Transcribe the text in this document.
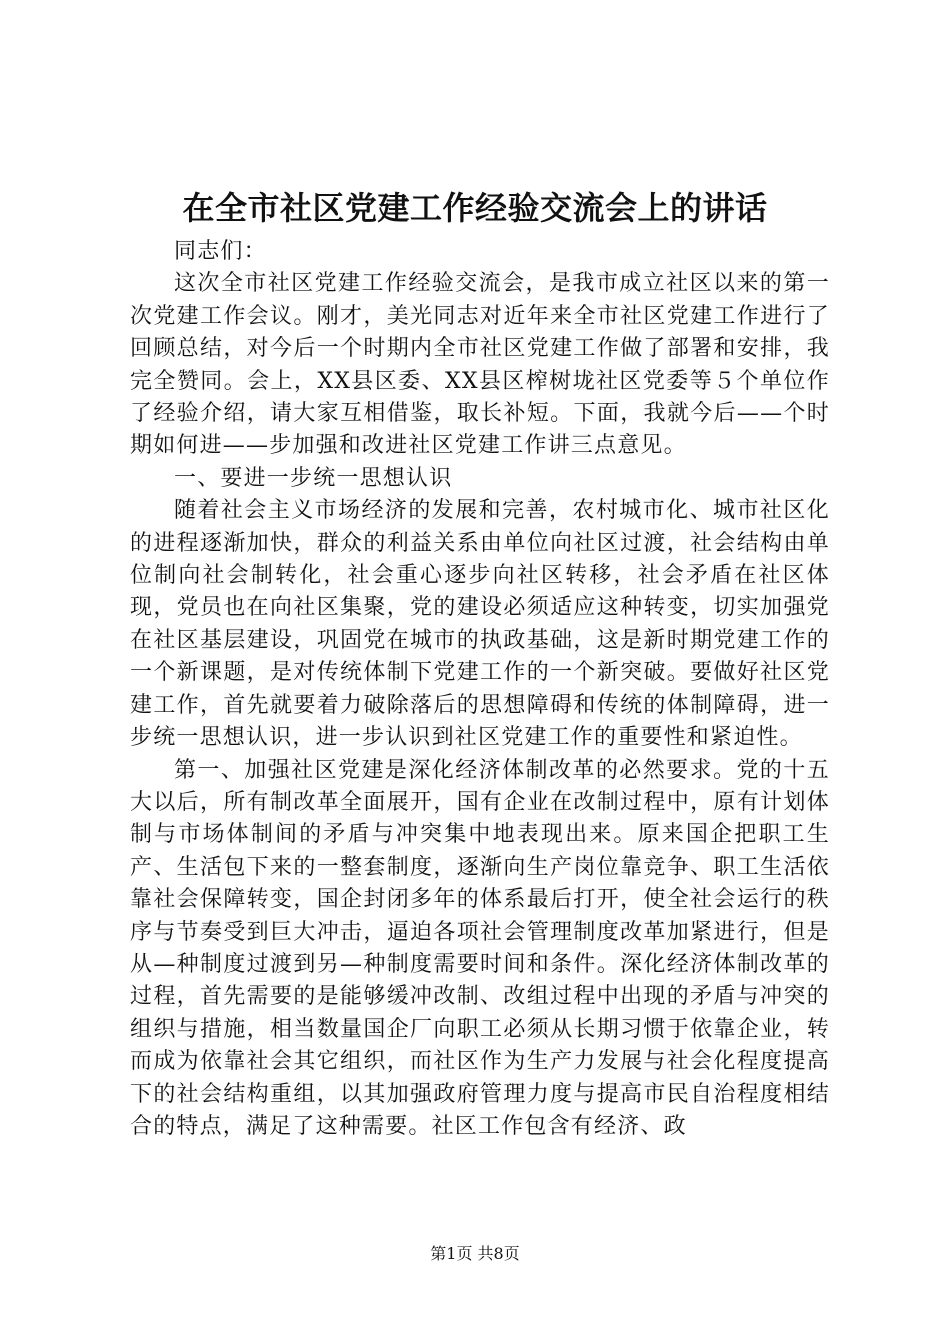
在全市社区党建工作经验交流会上的讲话

同志们：

这次全市社区党建工作经验交流会，是我市成立社区以来的第一次党建工作会议。刚才，美光同志对近年来全市社区党建工作进行了回顾总结，对今后一个时期内全市社区党建工作做了部署和安排，我完全赞同。会上，XX县区委、XX县区榨树垅社区党委等５个单位作了经验介绍，请大家互相借鉴，取长补短。下面，我就今后——个时期如何进——步加强和改进社区党建工作讲三点意见。

一、要进一步统一思想认识

随着社会主义市场经济的发展和完善，农村城市化、城市社区化的进程逐渐加快，群众的利益关系由单位向社区过渡，社会结构由单位制向社会制转化，社会重心逐步向社区转移，社会矛盾在社区体现，党员也在向社区集聚，党的建设必须适应这种转变，切实加强党在社区基层建设，巩固党在城市的执政基础，这是新时期党建工作的一个新课题，是对传统体制下党建工作的一个新突破。要做好社区党建工作，首先就要着力破除落后的思想障碍和传统的体制障碍，进一步统一思想认识，进一步认识到社区党建工作的重要性和紧迫性。

第一、加强社区党建是深化经济体制改革的必然要求。党的十五大以后，所有制改革全面展开，国有企业在改制过程中，原有计划体制与市场体制间的矛盾与冲突集中地表现出来。原来国企把职工生产、生活包下来的一整套制度，逐渐向生产岗位靠竞争、职工生活依靠社会保障转变，国企封闭多年的体系最后打开，使全社会运行的秩序与节奏受到巨大冲击，逼迫各项社会管理制度改革加紧进行，但是从—种制度过渡到另—种制度需要时间和条件。深化经济体制改革的过程，首先需要的是能够缓冲改制、改组过程中出现的矛盾与冲突的组织与措施，相当数量国企厂向职工必须从长期习惯于依靠企业，转而成为依靠社会其它组织，而社区作为生产力发展与社会化程度提高下的社会结构重组，以其加强政府管理力度与提高市民自治程度相结合的特点，满足了这种需要。社区工作包含有经济、政

第1页 共8页
